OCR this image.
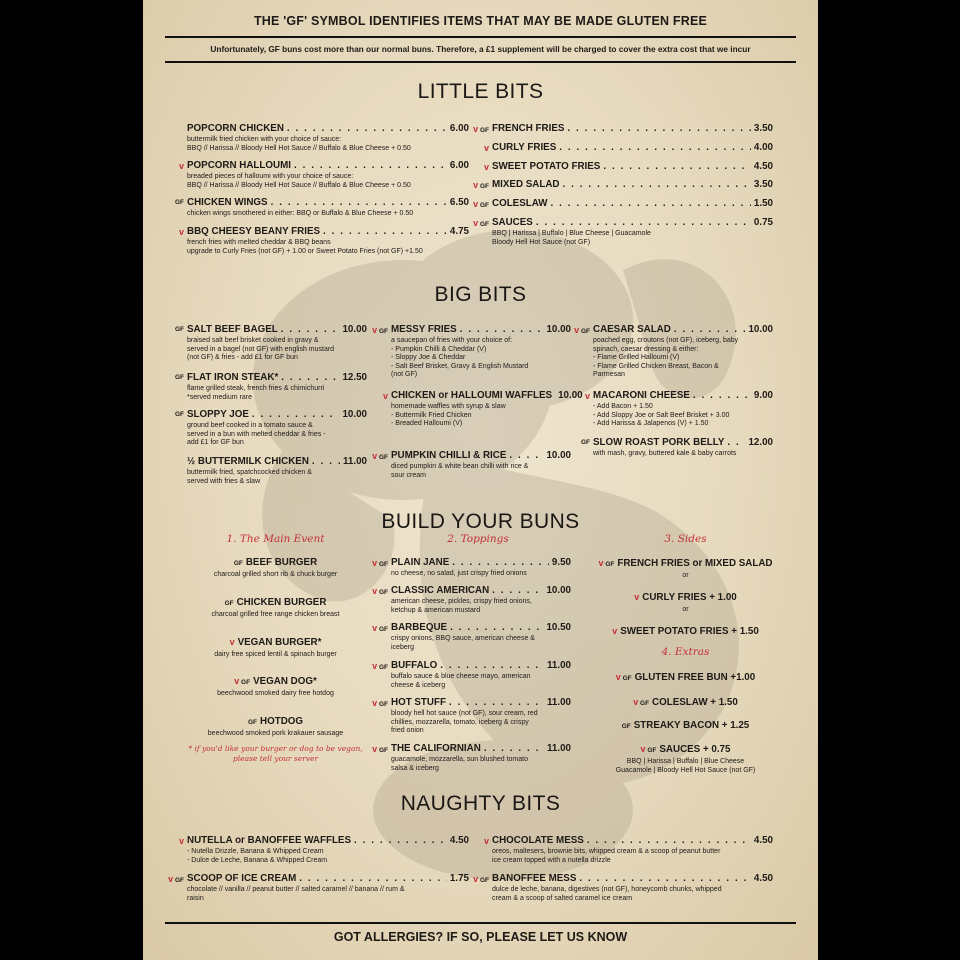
THE 'GF' SYMBOL IDENTIFIES ITEMS THAT MAY BE MADE GLUTEN FREE
Unfortunately, GF buns cost more than our normal buns. Therefore, a £1 supplement will be charged to cover the extra cost that we incur
LITTLE BITS
POPCORN CHICKEN . . .	6.00
buttermilk fried chicken with your choice of sauce:
BBQ // Harissa // Bloody Hell Hot Sauce // Buffalo & Blue Cheese + 0.50
v POPCORN HALLOUMI . . .	6.00
breaded pieces of halloumi with your choice of sauce:
BBQ // Harissa // Bloody Hell Hot Sauce // Buffalo & Blue Cheese + 0.50
GF CHICKEN WINGS . . .	6.50
chicken wings smothered in either: BBQ or Buffalo & Blue Cheese + 0.50
v BBQ CHEESY BEANY FRIES . . .	4.75
french fries with melted cheddar & BBQ beans
upgrade to Curly Fries (not GF) + 1.00 or Sweet Potato Fries (not GF) +1.50
v GF FRENCH FRIES . . .	3.50
v CURLY FRIES . . .	4.00
v SWEET POTATO FRIES . . .	4.50
v GF MIXED SALAD . . .	3.50
v GF COLESLAW . . .	1.50
v GF SAUCES . . .	0.75
BBQ | Harissa | Buffalo | Blue Cheese | Guacamole
Bloody Hell Hot Sauce (not GF)
BIG BITS
GF SALT BEEF BAGEL . . .	10.00
braised salt beef brisket cooked in gravy &
served in a bagel (not GF) with english mustard
(not GF) & fries - add £1 for GF bun
GF FLAT IRON STEAK* . . .	12.50
flame grilled steak, french fries & chimichurri
*served medium rare
GF SLOPPY JOE . . .	10.00
ground beef cooked in a tomato sauce &
served in a bun with melted cheddar & fries -
add £1 for GF bun
½ BUTTERMILK CHICKEN . . .	11.00
buttermilk fried, spatchcocked chicken &
served with fries & slaw
v GF MESSY FRIES . . .	10.00
a saucepan of fries with your choice of:
- Pumpkin Chilli & Cheddar (V)
- Sloppy Joe & Cheddar
- Salt Beef Brisket, Gravy & English Mustard
(not GF)
v CHICKEN or HALLOUMI WAFFLES 10.00
homemade waffles with syrup & slaw
- Buttermilk Fried Chicken
- Breaded Halloumi (V)
v GF PUMPKIN CHILLI & RICE . . .	10.00
diced pumpkin & white bean chilli with rice &
sour cream
v GF CAESAR SALAD . . .	10.00
poached egg, croutons (not GF), iceberg, baby
spinach, caesar dressing & either:
- Flame Grilled Halloumi (V)
- Flame Grilled Chicken Breast, Bacon &
Parmesan
v MACARONI CHEESE . . .	9.00
- Add Bacon + 1.50
- Add Sloppy Joe or Salt Beef Brisket + 3.00
- Add Harissa & Jalapenos (V) + 1.50
GF SLOW ROAST PORK BELLY . . . 12.00
with mash, gravy, buttered kale & baby carrots
BUILD YOUR BUNS
1. The Main Event	2. Toppings	3. Sides
GF BEEF BURGER
charcoal grilled short rib & chuck burger
GF CHICKEN BURGER
charcoal grilled free range chicken breast
v VEGAN BURGER*
dairy free spiced lentil & spinach burger
v GF VEGAN DOG*
beechwood smoked dairy free hotdog
GF HOTDOG
beechwood smoked pork krakauer sausage
* if you'd like your burger or dog to be vegan,
please tell your server
v GF PLAIN JANE . . .	9.50
no cheese, no salad, just crispy fried onions
v GF CLASSIC AMERICAN . . .	10.00
american cheese, pickles, crispy fried onions,
ketchup & american mustard
v GF BARBEQUE . . .	10.50
crispy onions, BBQ sauce, american cheese &
iceberg
v GF BUFFALO . . .	11.00
buffalo sauce & blue cheese mayo, american
cheese & iceberg
v GF HOT STUFF . . .	11.00
bloody hell hot sauce (not GF), sour cream, red
chillies, mozzarella, tomato, iceberg & crispy
fried onion
v GF THE CALIFORNIAN . . .	11.00
guacamole, mozzarella, sun blushed tomato
salsa & iceberg
v GF FRENCH FRIES or MIXED SALAD
or
v CURLY FRIES + 1.00
or
v SWEET POTATO FRIES + 1.50
4. Extras
v GF GLUTEN FREE BUN +1.00
v GF COLESLAW + 1.50
GF STREAKY BACON + 1.25
v GF SAUCES + 0.75
BBQ | Harissa | Buffalo | Blue Cheese
Guacamole | Bloody Hell Hot Sauce (not GF)
NAUGHTY BITS
v NUTELLA or BANOFFEE WAFFLES . . .	4.50
- Nutella Drizzle, Banana & Whipped Cream
- Dulce de Leche, Banana & Whipped Cream
v GF SCOOP OF ICE CREAM . . .	1.75
chocolate // vanilla // peanut butter // salted caramel // banana // rum &
raisin
v CHOCOLATE MESS . . .	4.50
oreos, maltesers, brownie bits, whipped cream & a scoop of peanut butter
ice cream topped with a nutella drizzle
v GF BANOFFEE MESS . . .	4.50
dulce de leche, banana, digestives (not GF), honeycomb chunks, whipped
cream & a scoop of salted caramel ice cream
GOT ALLERGIES? IF SO, PLEASE LET US KNOW
